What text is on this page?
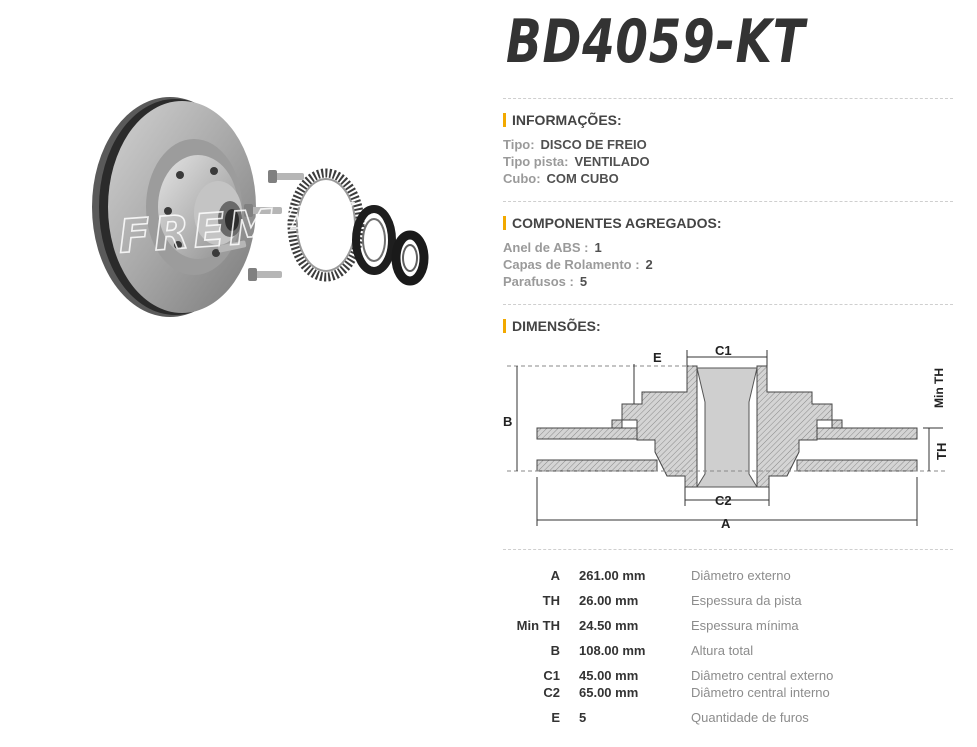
FREMAX
BD4059-KT
INFORMAÇÕES:
Tipo: DISCO DE FREIO
Tipo pista: VENTILADO
Cubo: COM CUBO
COMPONENTES AGREGADOS:
Anel de ABS : 1
Capas de Rolamento : 2
Parafusos : 5
DIMENSÕES:
C1
E
B
C2
A
TH
Min TH
A 261.00 mm	Diâmetro externo
TH 26.00 mm	Espessura da pista
Min TH 24.50 mm	Espessura mínima
B 108.00 mm	Altura total
C1 45.00 mm	Diâmetro central externo
C2 65.00 mm	Diâmetro central interno
E 5	Quantidade de furos
